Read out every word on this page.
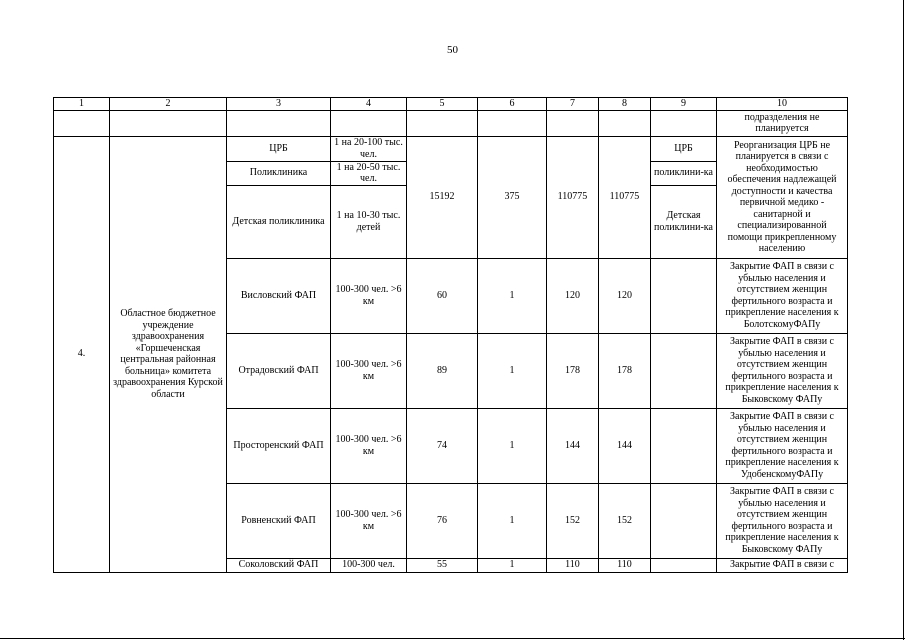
50
1	2	3	4	5	6	7	8	9	10
									подразделения не планируется
4.	Областное бюджетное учреждение здравоохранения «Горшеченская центральная районная больница» комитета здравоохранения Курской области	ЦРБ	1 на 20-100 тыс. чел.	15192	375	110775	110775	ЦРБ	Реорганизация ЦРБ не планируется в связи с необходимостью обеспечения надлежащей доступности и качества первичной медико - санитарной и специализированной помощи прикрепленному населению
		Поликлиника	1 на 20-50 тыс. чел.					поликлини-ка	
		Детская поликлиника	1 на 10-30 тыс. детей					Детская поликлини-ка	
		Висловский ФАП	100-300 чел. >6 км	60	1	120	120		Закрытие ФАП в связи с убылью населения и отсутствием женщин фертильного возраста и прикрепление населения к БолотскомуФАПу
		Отрадовский ФАП	100-300 чел. >6 км	89	1	178	178		Закрытие ФАП в связи с убылью населения и отсутствием женщин фертильного возраста и прикрепление населения к Быковскому ФАПу
		Просторенский ФАП	100-300 чел. >6 км	74	1	144	144		Закрытие ФАП в связи с убылью населения и отсутствием женщин фертильного возраста и прикрепление населения к УдобенскомуФАПу
		Ровненский ФАП	100-300 чел. >6 км	76	1	152	152		Закрытие ФАП в связи с убылью населения и отсутствием женщин фертильного возраста и прикрепление населения к Быковскому ФАПу
		Соколовский ФАП	100-300 чел.	55	1	110	110		Закрытие ФАП в связи с
